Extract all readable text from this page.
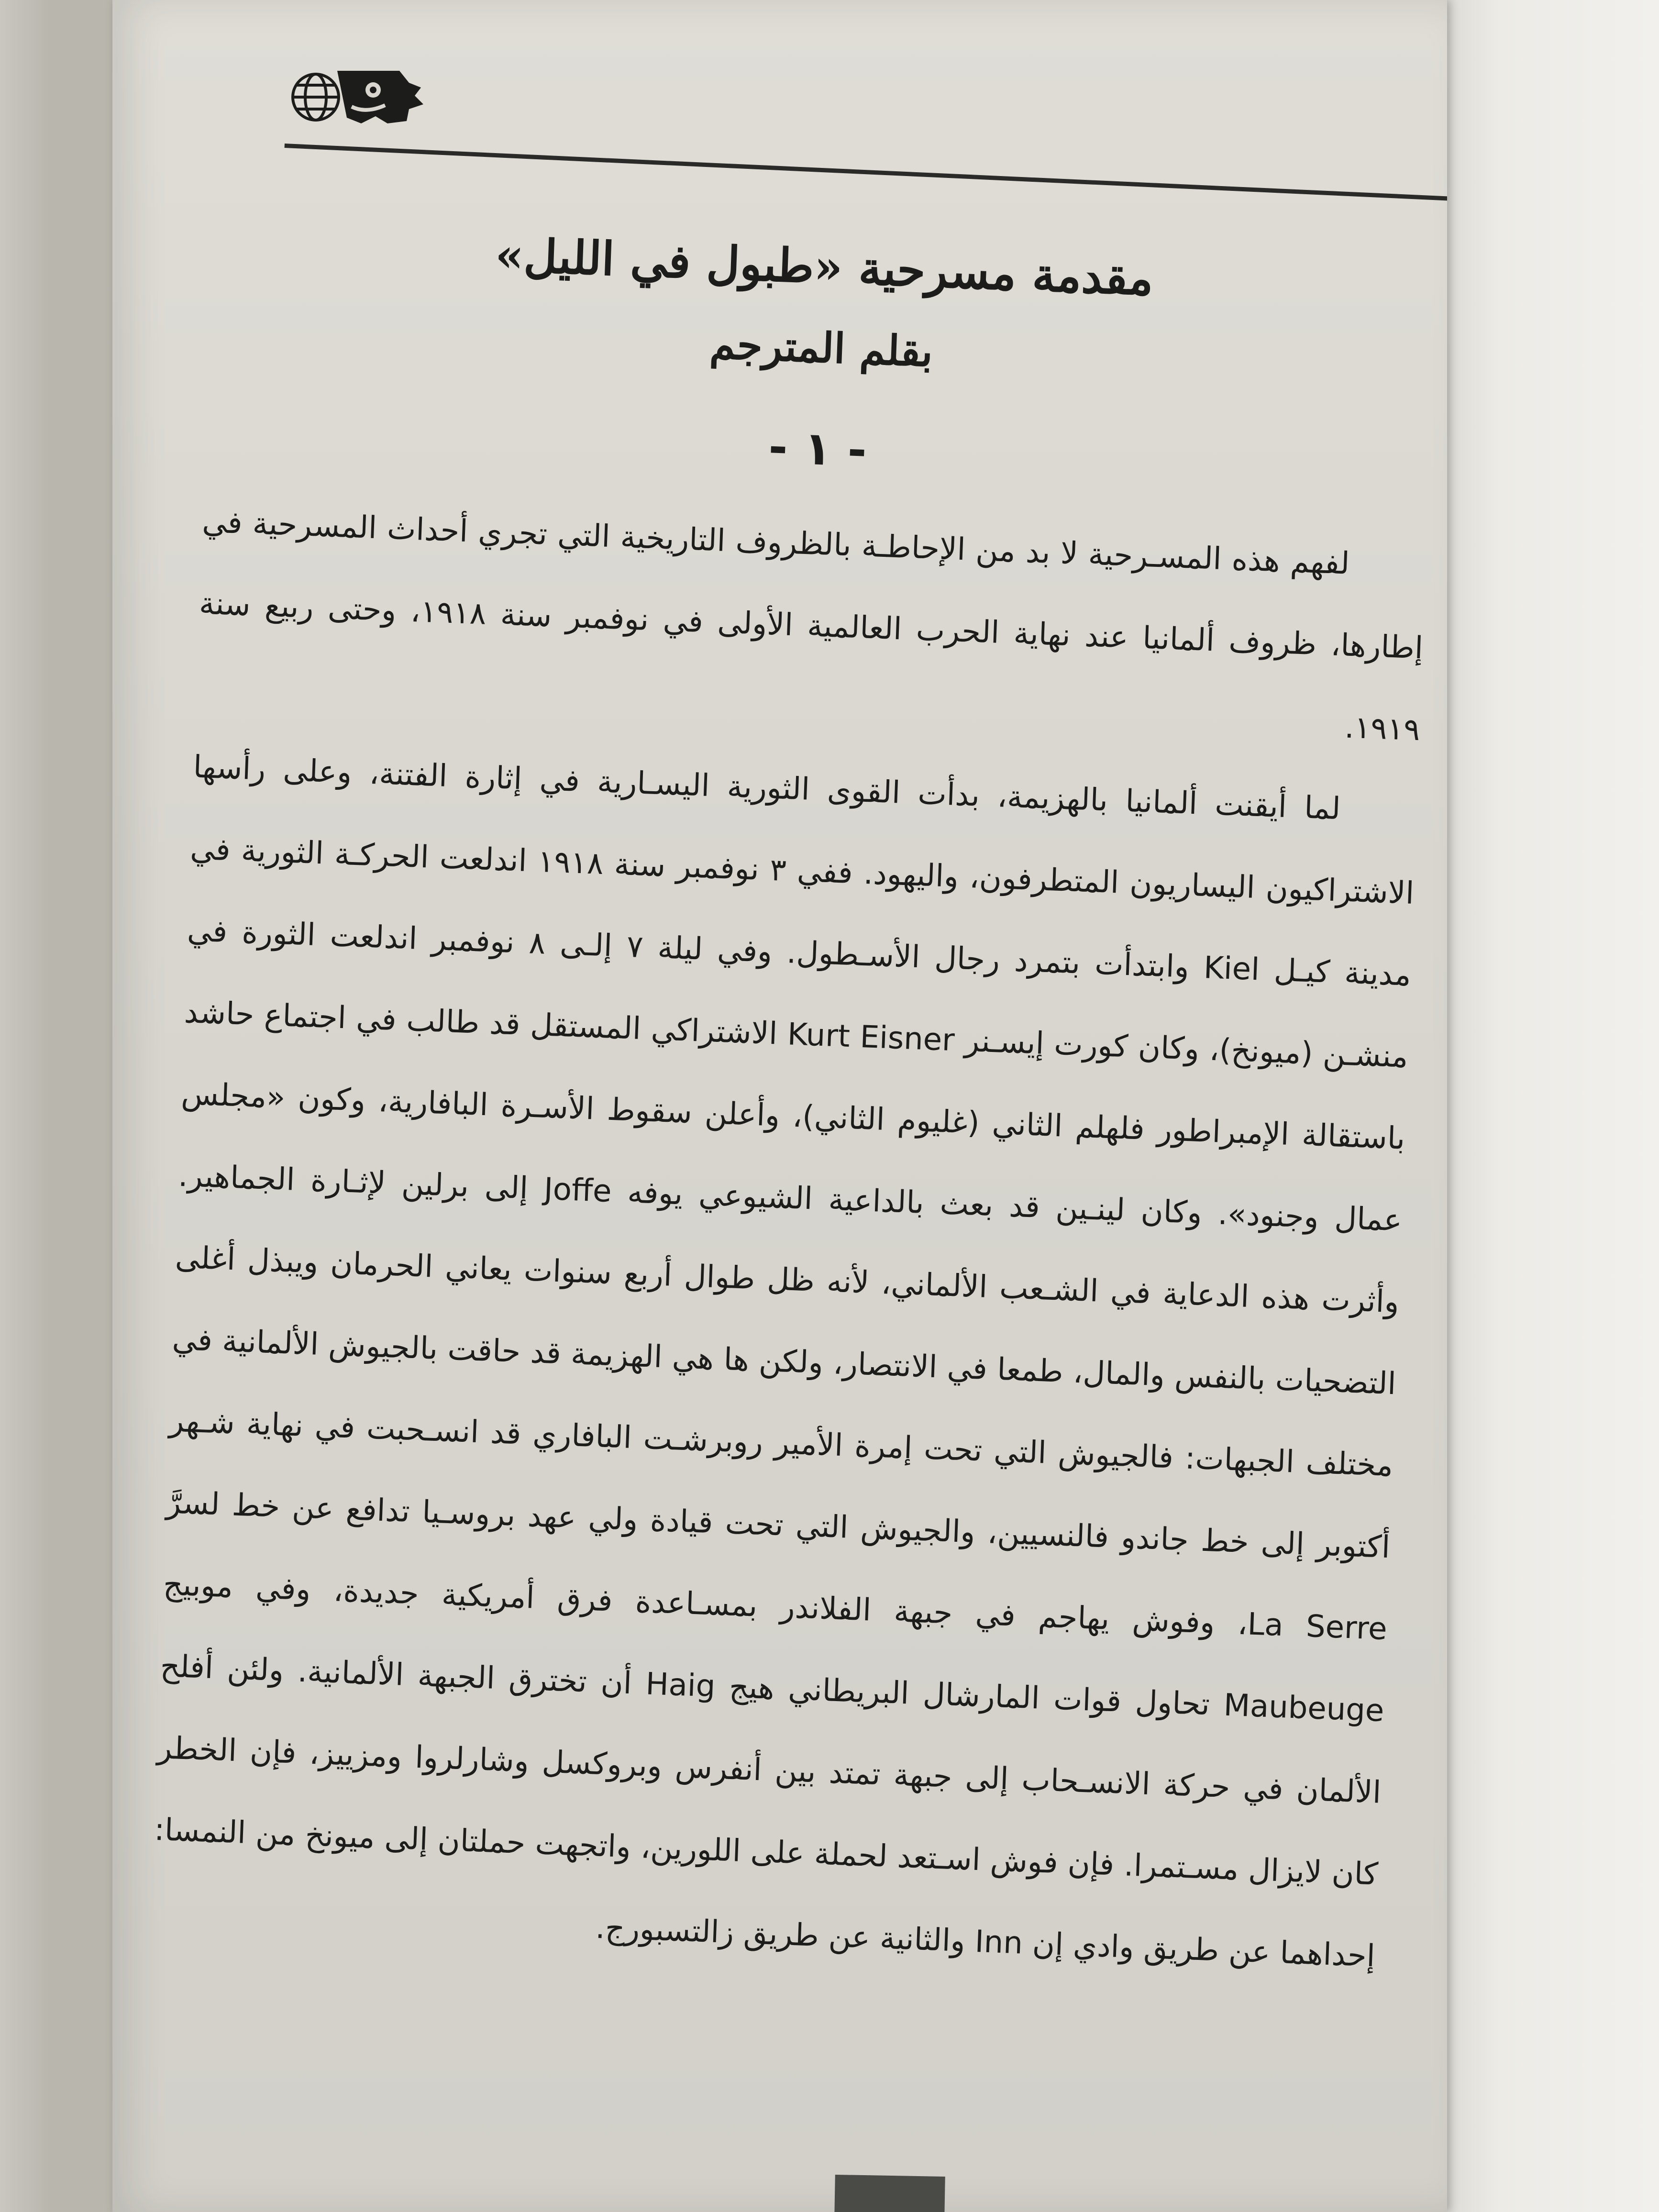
مقدمة مسرحية «طبول في الليل»
بقلم المترجم
- ١ -

لفهم هذه المسـرحية لا بد من الإحاطـة بالظروف التاريخية التي تجري أحداث المسرحية في إطارها، ظروف ألمانيا عند نهاية الحرب العالمية الأولى في نوفمبر سنة ١٩١٨، وحتى ربيع سنة ١٩١٩.

لما أيقنت ألمانيا بالهزيمة، بدأت القوى الثورية اليسـارية في إثارة الفتنة، وعلى رأسها الاشتراكيون اليساريون المتطرفون، واليهود. ففي ٣ نوفمبر سنة ١٩١٨ اندلعت الحركـة الثورية في مدينة كيـل Kiel وابتدأت بتمرد رجال الأسـطول. وفي ليلة ٧ إلـى ٨ نوفمبر اندلعت الثورة في منشـن (ميونخ)، وكان كورت إيسـنر Kurt Eisner الاشتراكي المستقل قد طالب في اجتماع حاشد باستقالة الإمبراطور فلهلم الثاني (غليوم الثاني)، وأعلن سقوط الأسـرة البافارية، وكون «مجلس عمال وجنود». وكان لينـين قد بعث بالداعية الشيوعي يوفه Joffe إلى برلين لإثـارة الجماهير. وأثرت هذه الدعاية في الشـعب الألماني، لأنه ظل طوال أربع سنوات يعاني الحرمان ويبذل أغلى التضحيات بالنفس والمال، طمعا في الانتصار، ولكن ها هي الهزيمة قد حاقت بالجيوش الألمانية في مختلف الجبهات: فالجيوش التي تحت إمرة الأمير روبرشـت البافاري قد انسـحبت في نهاية شـهر أكتوبر إلى خط جاندو فالنسيين، والجيوش التي تحت قيادة ولي عهد بروسـيا تدافع عن خط لسرَّ La Serre، وفوش يهاجم في جبهة الفلاندر بمسـاعدة فرق أمريكية جديدة، وفي موبيج Maubeuge تحاول قوات المارشال البريطاني هيج Haig أن تخترق الجبهة الألمانية. ولئن أفلح الألمان في حركة الانسـحاب إلى جبهة تمتد بين أنفرس وبروكسل وشارلروا ومزييز، فإن الخطر كان لايزال مسـتمرا. فإن فوش اسـتعد لحملة على اللورين، واتجهت حملتان إلى ميونخ من النمسا: إحداهما عن طريق وادي إن Inn والثانية عن طريق زالتسبورج.
